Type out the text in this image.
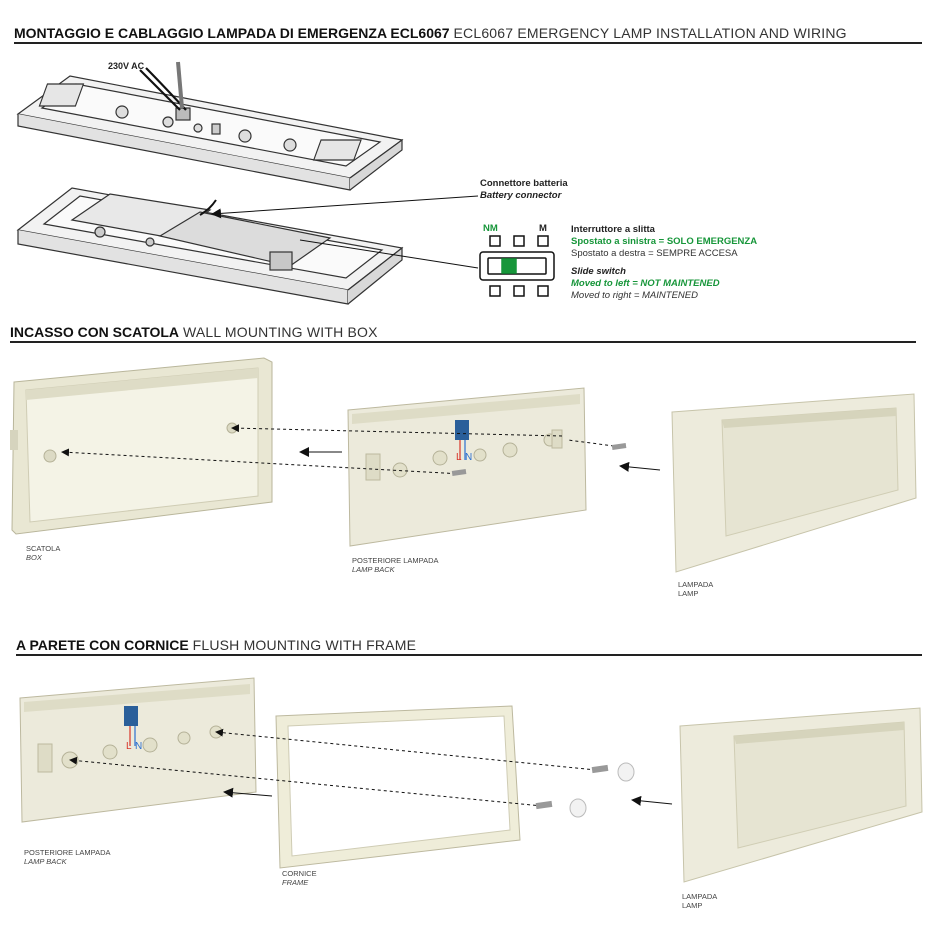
MONTAGGIO E CABLAGGIO LAMPADA DI EMERGENZA ECL6067 ECL6067 EMERGENCY LAMP INSTALLATION AND WIRING
230V AC
Connettore batteria
Battery connector
NM	M	Interruttore a slitta
Spostato a sinistra = SOLO EMERGENZA
Spostato a destra = SEMPRE ACCESA
Slide switch
Moved to left = NOT MAINTENED
Moved to right = MAINTENED
INCASSO CON SCATOLA WALL MOUNTING WITH BOX
SCATOLA
BOX	POSTERIORE LAMPADA
LAMP BACK
LAMPADA
LAMP
L N
A PARETE CON CORNICE FLUSH MOUNTING WITH FRAME
L N
POSTERIORE LAMPADA
LAMP BACK
CORNICE
FRAME
LAMPADA
LAMP
